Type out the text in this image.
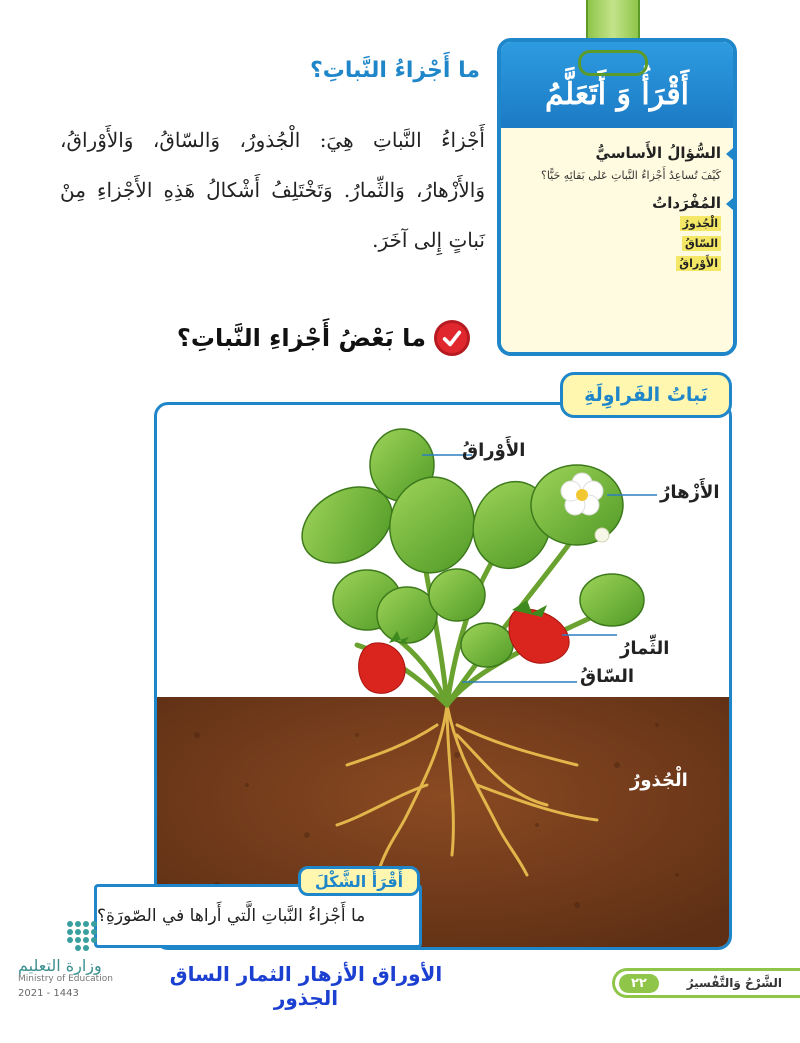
أَقْرَأُ وَ أَتَعَلَّمُ
السُّؤالُ الأَساسيُّ
كَيْفَ تُساعِدُ أَجْزاءُ النَّباتِ عَلى بَقائِهِ حَيًّا؟
المُفْرَداتُ
الْجُذورُ
السّاقُ
الأَوْراقُ
ما أَجْزاءُ النَّباتِ؟
أَجْزاءُ النَّباتِ هِيَ: الْجُذورُ، وَالسّاقُ، وَالأَوْراقُ، وَالأَزْهارُ، وَالثِّمارُ. وَتَخْتَلِفُ أَشْكالُ هَذِهِ الأَجْزاءِ مِنْ نَباتٍ إِلى آخَرَ.
ما بَعْضُ أَجْزاءِ النَّباتِ؟
نَباتُ الفَراوِلَةِ
الأَوْراقُ
الأَزْهارُ
الثِّمارُ
السّاقُ
الْجُذورُ
ما أَجْزاءُ النَّباتِ الَّتي أَراها في الصّورَةِ؟
أَقْرَأُ الشَّكْلَ
وزارة التعليم
Ministry of Education
2021 - 1443
الأوراق الأزهار الثمار الساق الجذور
الشَّرْحُ وَالتَّفْسيرُ
٢٢
